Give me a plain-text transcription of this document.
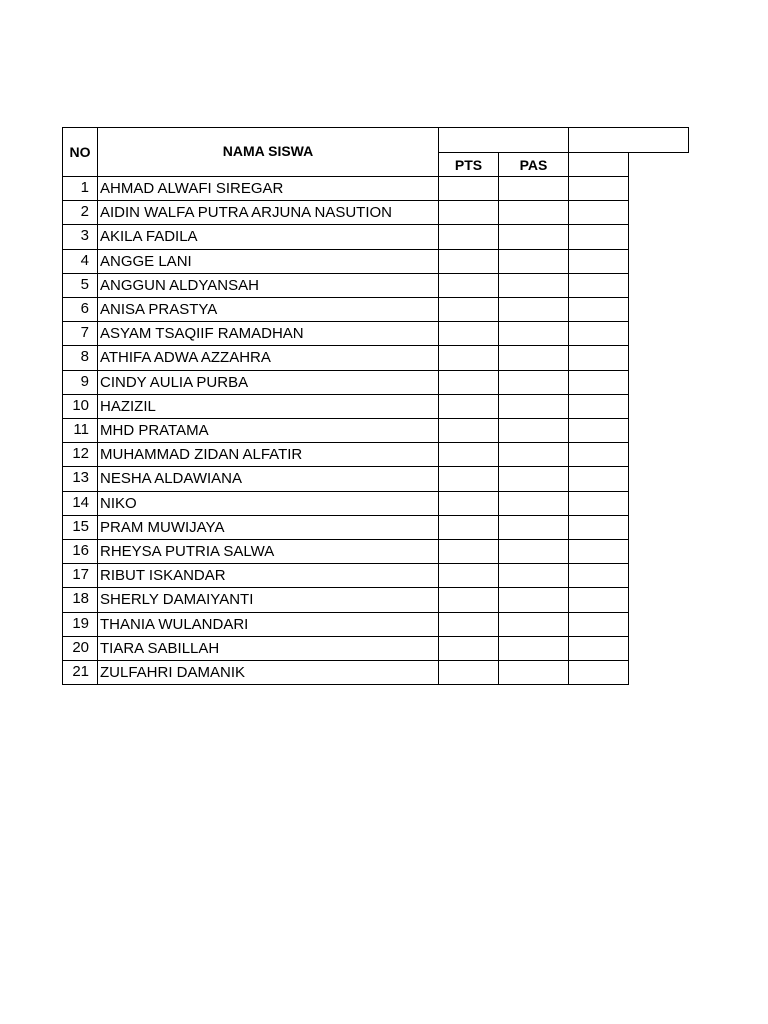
NO	NAMA SISWA
PTS	PAS
1 AHMAD ALWAFI SIREGAR
2 AIDIN WALFA PUTRA ARJUNA NASUTION
3 AKILA FADILA
4 ANGGE LANI
5 ANGGUN ALDYANSAH
6 ANISA PRASTYA
7 ASYAM TSAQIIF RAMADHAN
8 ATHIFA ADWA AZZAHRA
9 CINDY AULIA PURBA
10 HAZIZIL
11 MHD PRATAMA
12 MUHAMMAD ZIDAN ALFATIR
13 NESHA ALDAWIANA
14 NIKO
15 PRAM MUWIJAYA
16 RHEYSA PUTRIA SALWA
17 RIBUT ISKANDAR
18 SHERLY DAMAIYANTI
19 THANIA WULANDARI
20 TIARA SABILLAH
21 ZULFAHRI DAMANIK
